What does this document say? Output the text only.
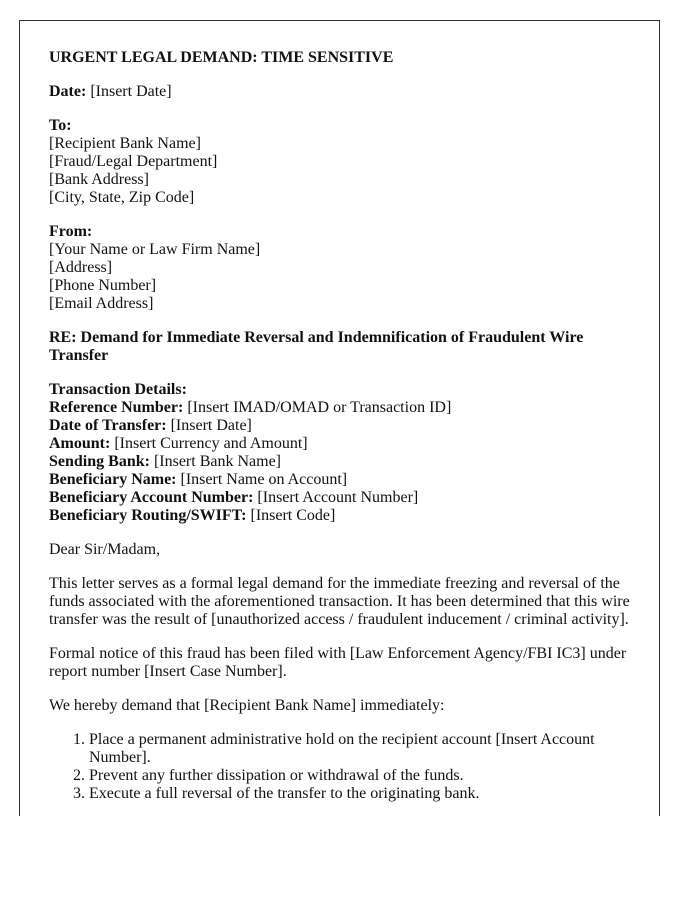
URGENT LEGAL DEMAND: TIME SENSITIVE

Date: [Insert Date]

To:
[Recipient Bank Name]
[Fraud/Legal Department]
[Bank Address]
[City, State, Zip Code]

From:
[Your Name or Law Firm Name]
[Address]
[Phone Number]
[Email Address]

RE: Demand for Immediate Reversal and Indemnification of Fraudulent Wire Transfer

Transaction Details:
Reference Number: [Insert IMAD/OMAD or Transaction ID]
Date of Transfer: [Insert Date]
Amount: [Insert Currency and Amount]
Sending Bank: [Insert Bank Name]
Beneficiary Name: [Insert Name on Account]
Beneficiary Account Number: [Insert Account Number]
Beneficiary Routing/SWIFT: [Insert Code]

Dear Sir/Madam,

This letter serves as a formal legal demand for the immediate freezing and reversal of the funds associated with the aforementioned transaction. It has been determined that this wire transfer was the result of [unauthorized access / fraudulent inducement / criminal activity].

Formal notice of this fraud has been filed with [Law Enforcement Agency/FBI IC3] under report number [Insert Case Number].

We hereby demand that [Recipient Bank Name] immediately:

1. Place a permanent administrative hold on the recipient account [Insert Account Number].
2. Prevent any further dissipation or withdrawal of the funds.
3. Execute a full reversal of the transfer to the originating bank.
